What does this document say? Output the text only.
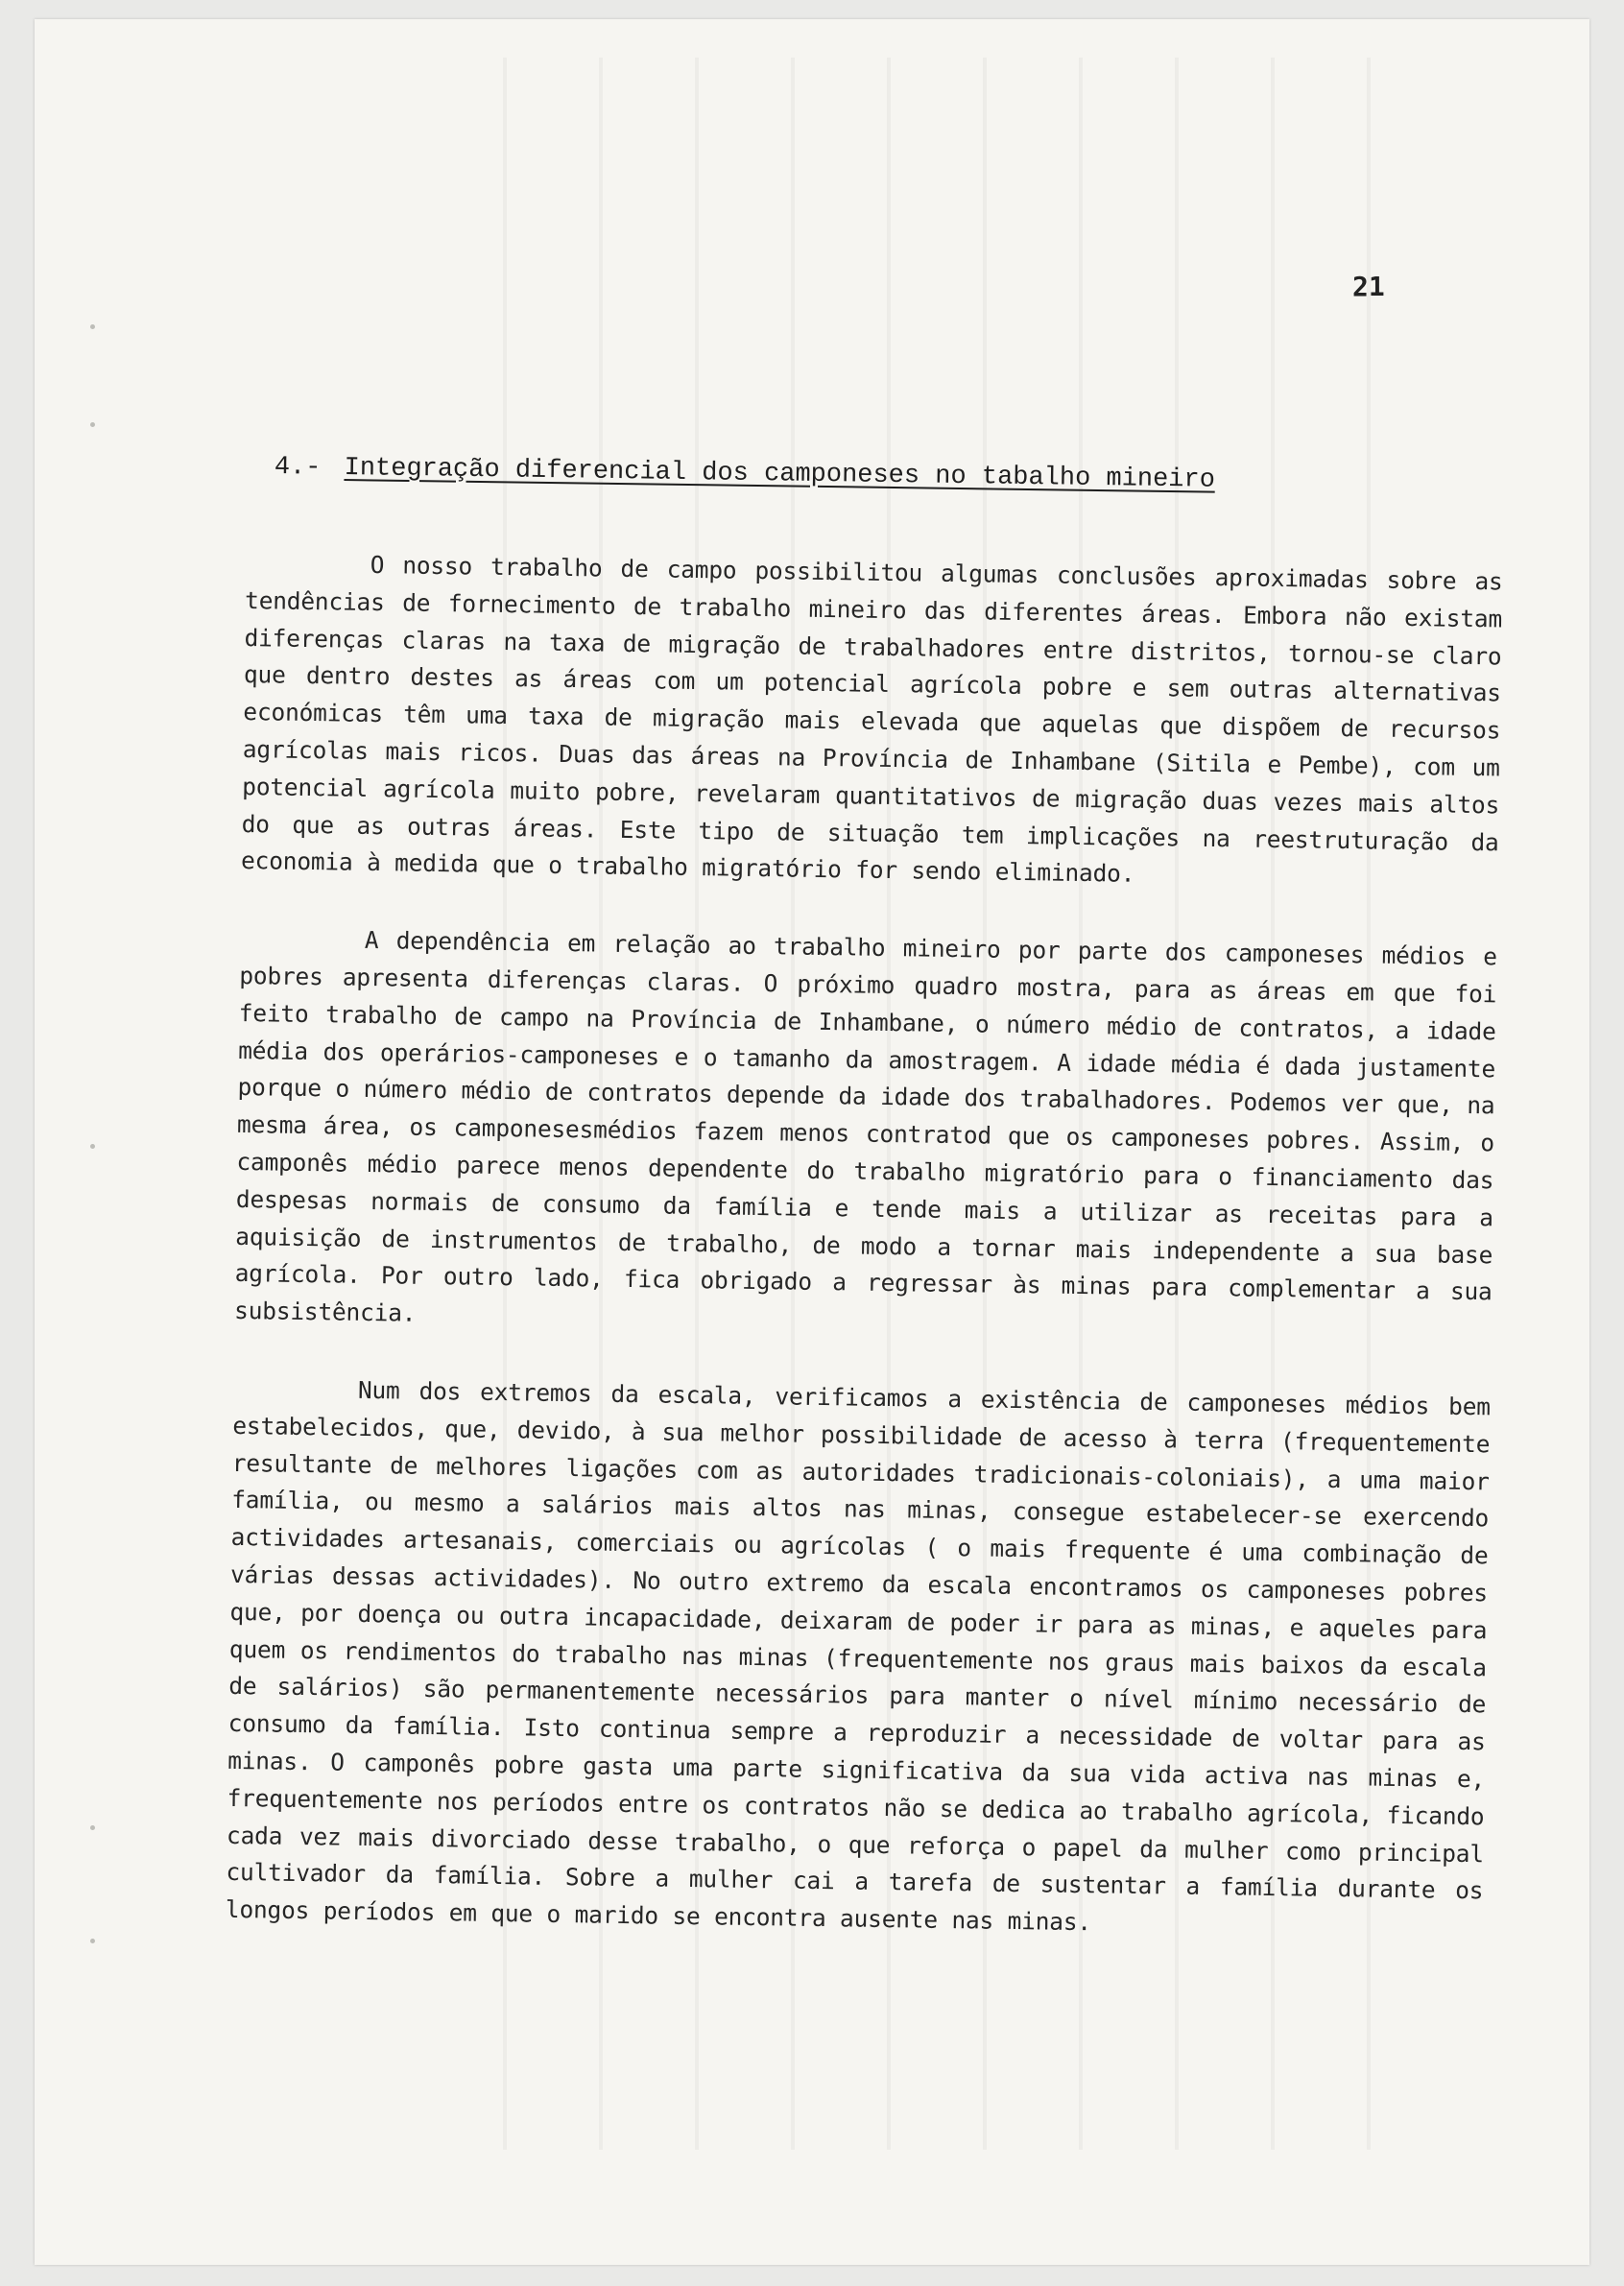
21
4.- Integração diferencial dos camponeses no tabalho mineiro

O nosso trabalho de campo possibilitou algumas conclusões aproximadas sobre as tendências de fornecimento de trabalho mineiro das diferentes áreas. Embora não existam diferenças claras na taxa de migração de trabalhadores entre distritos, tornou-se claro que dentro destes as áreas com um potencial agrícola pobre e sem outras alternativas económicas têm uma taxa de migração mais elevada que aquelas que dispõem de recursos agrícolas mais ricos. Duas das áreas na Província de Inhambane (Sitila e Pembe), com um potencial agrícola muito pobre, revelaram quantitativos de migração duas vezes mais altos do que as outras áreas. Este tipo de situação tem implicações na reestruturação da economia à medida que o trabalho migratório for sendo eliminado.

A dependência em relação ao trabalho mineiro por parte dos camponeses médios e pobres apresenta diferenças claras. O próximo quadro mostra, para as áreas em que foi feito trabalho de campo na Província de Inhambane, o número médio de contratos, a idade média dos operários-camponeses e o tamanho da amostragem. A idade média é dada justamente porque o número médio de contratos depende da idade dos trabalhadores. Podemos ver que, na mesma área, os camponesesmédios fazem menos contratod que os camponeses pobres. Assim, o camponês médio parece menos dependente do trabalho migratório para o financiamento das despesas normais de consumo da família e tende mais a utilizar as receitas para a aquisição de instrumentos de trabalho, de modo a tornar mais independente a sua base agrícola. Por outro lado, fica obrigado a regressar às minas para complementar a sua subsistência.

Num dos extremos da escala, verificamos a existência de camponeses médios bem estabelecidos, que, devido, à sua melhor possibilidade de acesso à terra (frequentemente resultante de melhores ligações com as autoridades tradicionais-coloniais), a uma maior família, ou mesmo a salários mais altos nas minas, consegue estabelecer-se exercendo actividades artesanais, comerciais ou agrícolas ( o mais frequente é uma combinação de várias dessas actividades). No outro extremo da escala encontramos os camponeses pobres que, por doença ou outra incapacidade, deixaram de poder ir para as minas, e aqueles para quem os rendimentos do trabalho nas minas (frequentemente nos graus mais baixos da escala de salários) são permanentemente necessários para manter o nível mínimo necessário de consumo da família. Isto continua sempre a reproduzir a necessidade de voltar para as minas. O camponês pobre gasta uma parte significativa da sua vida activa nas minas e, frequentemente nos períodos entre os contratos não se dedica ao trabalho agrícola, ficando cada vez mais divorciado desse trabalho, o que reforça o papel da mulher como principal cultivador da família. Sobre a mulher cai a tarefa de sustentar a família durante os longos períodos em que o marido se encontra ausente nas minas.
